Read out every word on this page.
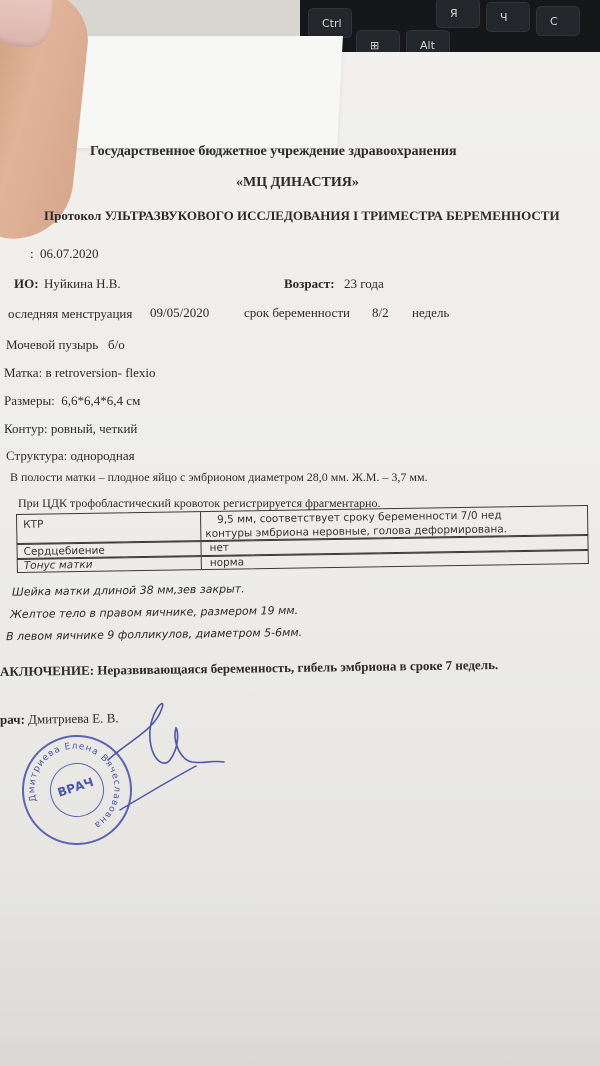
Ctrl
⊞	Alt
Я	Ч	С
Государственное бюджетное учреждение здравоохранения
«МЦ ДИНАСТИЯ»
Протокол УЛЬТРАЗВУКОВОГО ИССЛЕДОВАНИЯ I ТРИМЕСТРА БЕРЕМЕННОСТИ
: 06.07.2020
ИО: Нуйкина Н.В.	Возраст: 23 года
оследняя менструация 09/05/2020	срок беременности 8/2 недель
Мочевой пузырь б/о
Матка: в retroversion- flexio
Размеры: 6,6*6,4*6,4 см
Контур: ровный, четкий
Структура: однородная
В полости матки – плодное яйцо с эмбрионом диаметром 28,0 мм. Ж.М. – 3,7 мм.
При ЦДК трофобластический кровоток регистрируется фрагментарно.
КТР	9,5 мм, соответствует сроку беременности 7/0 нед
контуры эмбриона неровные, голова деформирована.
Сердцебиение	нет
Тонус матки	норма
Шейка матки длиной 38 мм,зев закрыт.
Желтое тело в правом яичнике, размером 19 мм.
В левом яичнике 9 фолликулов, диаметром 5-6мм.
АКЛЮЧЕНИЕ: Неразвивающаяся беременность, гибель эмбриона в сроке 7 недель.
рач: Дмитриева Е. В.
Дмитриева Елена Вячеславовна
ВРАЧ
